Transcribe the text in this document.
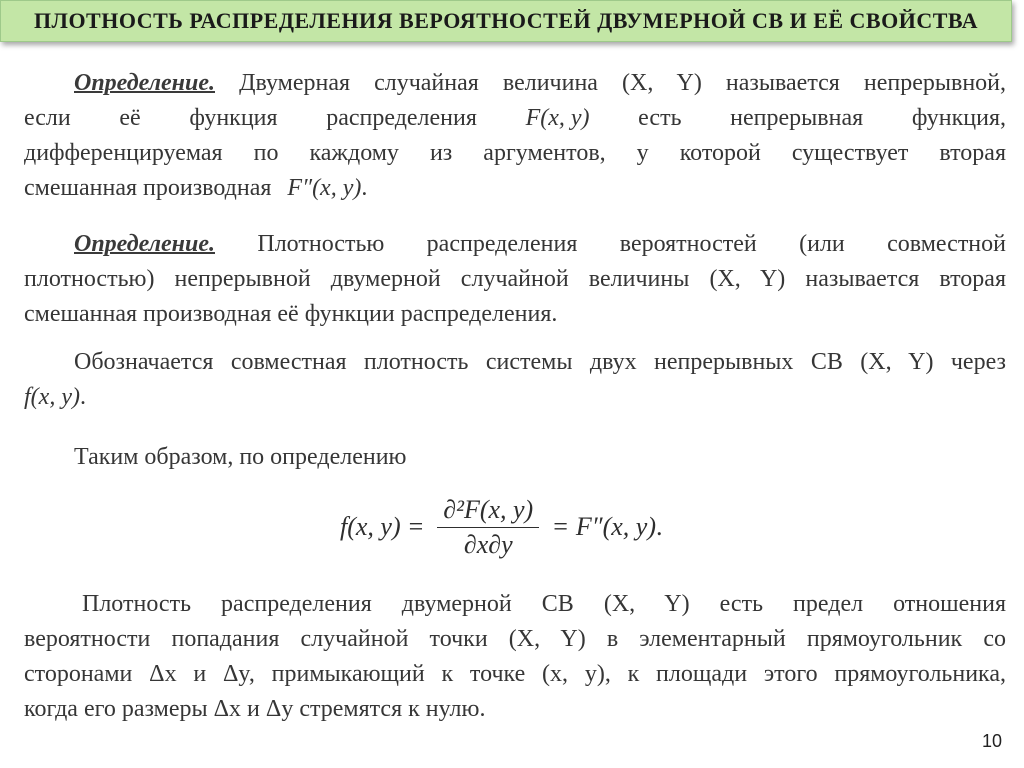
ПЛОТНОСТЬ РАСПРЕДЕЛЕНИЯ ВЕРОЯТНОСТЕЙ ДВУМЕРНОЙ СВ И ЕЁ СВОЙСТВА
Определение. Двумерная случайная величина (X, Y) называется непрерывной,
если её функция распределения F(x, y) есть непрерывная функция,
дифференцируемая по каждому из аргументов, у которой существует вторая
смешанная производная F″(x, y).
Определение. Плотностью распределения вероятностей (или совместной
плотностью) непрерывной двумерной случайной величины (X, Y) называется вторая
смешанная производная её функции распределения.
Обозначается совместная плотность системы двух непрерывных СВ (X, Y) через
f(x, y).
Таким образом, по определению
f(x, $y) = \frac{\text{∂²F(x, y)}}{\partial x\partial y} = F''(x$, y) .
Плотность распределения двумерной СВ (X, Y) есть предел отношения
вероятности попадания случайной точки (X, Y) в элементарный прямоугольник со
сторонами Δx и Δy, примыкающий к точке (x, y), к площади этого прямоугольника,
когда его размеры Δx и Δy стремятся к нулю.
10
